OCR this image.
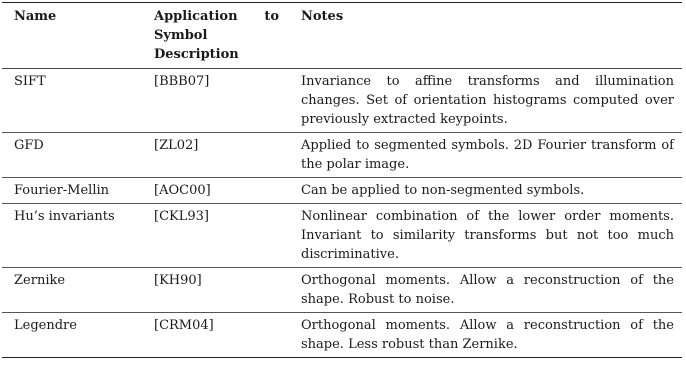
Name	Application to Symbol Description	Notes
SIFT	[BBB07]	Invariance to affine transforms and illumination changes. Set of orientation histograms computed over previously extracted keypoints.
GFD	[ZL02]	Applied to segmented symbols. 2D Fourier transform of the polar image.
Fourier-Mellin	[AOC00]	Can be applied to non-segmented symbols.
Hu’s invariants	[CKL93]	Nonlinear combination of the lower order moments. Invariant to similarity transforms but not too much discriminative.
Zernike	[KH90]	Orthogonal moments. Allow a reconstruction of the shape. Robust to noise.
Legendre	[CRM04]	Orthogonal moments. Allow a reconstruction of the shape. Less robust than Zernike.
